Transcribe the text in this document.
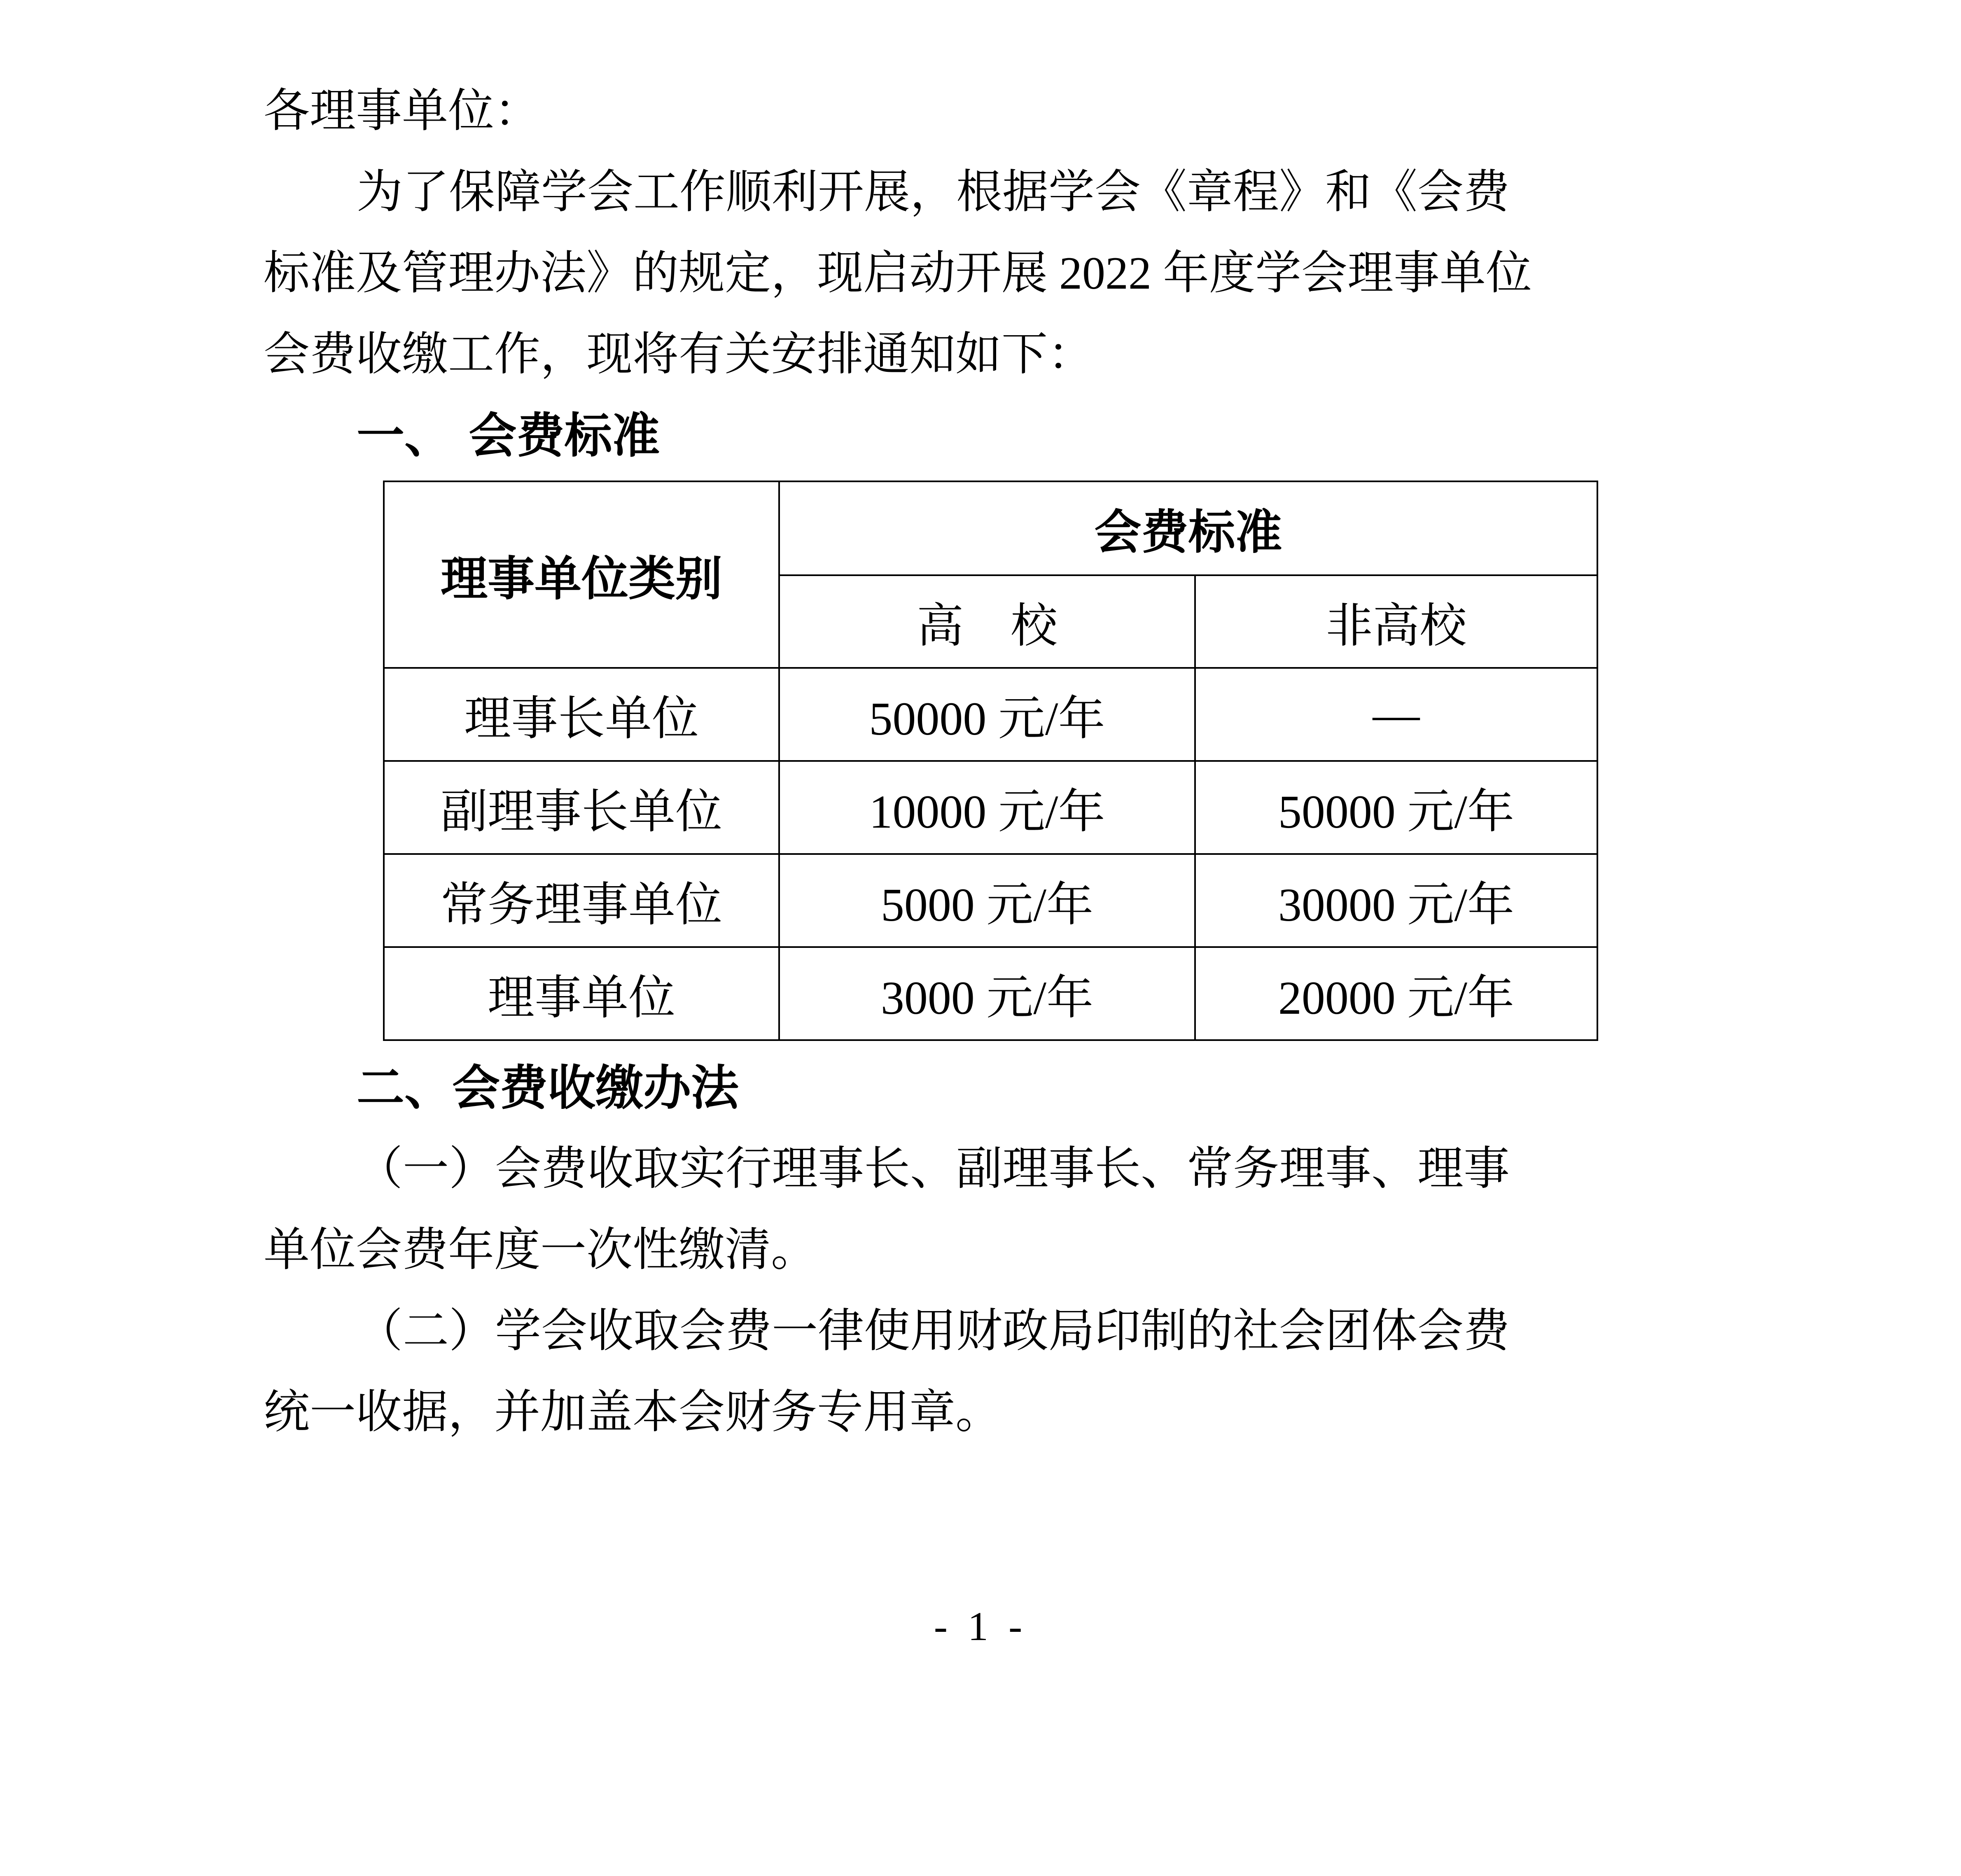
各理事单位：
为了保障学会工作顺利开展，根据学会《章程》和《会费
标准及管理办法》的规定，现启动开展 2022 年度学会理事单位
会费收缴工作，现将有关安排通知如下：
一、 会费标准
理事单位类别	会费标准	
	高　校	非高校
理事长单位	50000 元/年	—
副理事长单位	10000 元/年	50000 元/年
常务理事单位	5000 元/年	30000 元/年
理事单位	3000 元/年	20000 元/年
二、会费收缴办法
（一）会费收取实行理事长、副理事长、常务理事、理事
单位会费年度一次性缴清。
（二）学会收取会费一律使用财政局印制的社会团体会费
统一收据，并加盖本会财务专用章。
- 1 -
